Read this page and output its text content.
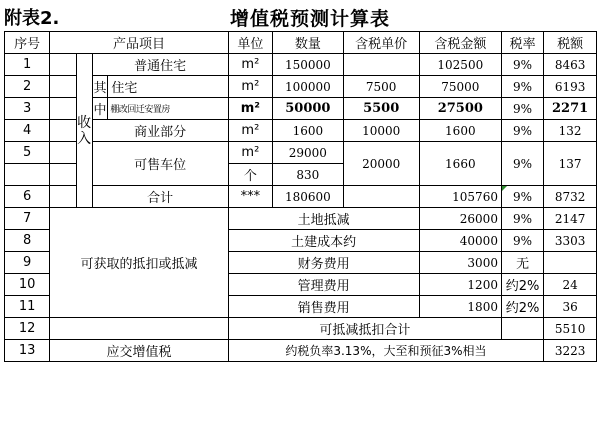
附表2.	增值税预测计算表
序号	产品项目				单位	数量	含税单价	含税金额	税率	税额
1		收入	普通住宅		m²	150000		102500	9%	8463
2			其	住宅	m²	100000	7500	75000	9%	6193
3			中	棚改回迁安置房	m²	50000	5500	27500	9%	2271
4			商业部分		m²	1600	10000	1600	9%	132
5			可售车位		m²	29000	20000	1660	9%	137
					个	830				
6			合计		***	180600		105760	9%	8732
7	可获取的抵扣或抵减				土地抵减			26000	9%	2147
8					土建成本约			40000	9%	3303
9					财务费用			3000	无	
10					管理费用			1200	约2%	24
11					销售费用			1800	约2%	36
12					可抵减抵扣合计					5510
13	应交增值税				约税负率3.13%，大至和预征3%相当					3223
